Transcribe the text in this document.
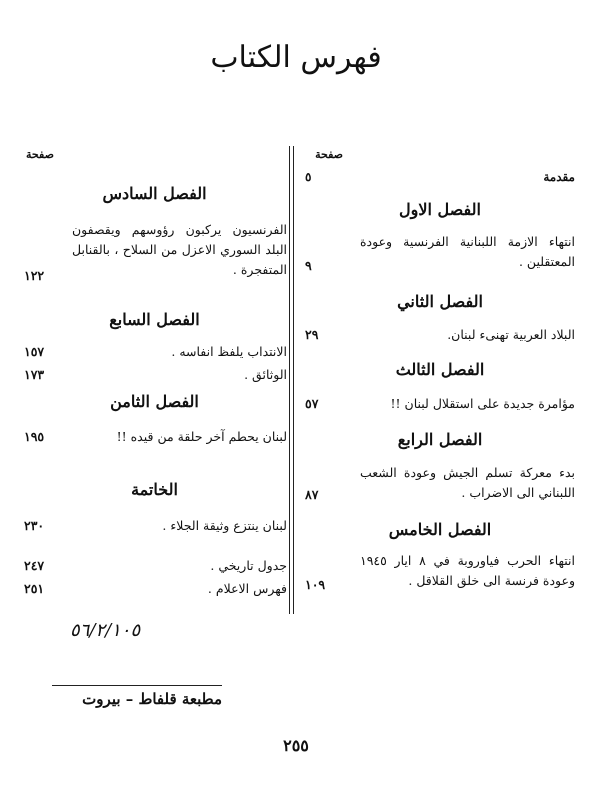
فهرس الكتاب
صفحة
مقدمة
٥
الفصل الاول
انتهاء الازمة اللبنانية الفرنسية وعودة المعتقلين .
٩
الفصل الثاني
البلاد العربية تهنىء لبنان.
٢٩
الفصل الثالث
مؤامرة جديدة على استقلال لبنان !!
٥٧
الفصل الرابع
بدء معركة تسلم الجيش وعودة الشعب اللبناني الى الاضراب .
٨٧
الفصل الخامس
انتهاء الحرب فياوروبة في ٨ ايار ١٩٤٥ وعودة فرنسة الى خلق القلاقل .
١٠٩
صفحة
الفصل السادس
الفرنسيون يركبون رؤوسهم ويقصفون البلد السوري الاعزل من السلاح ، بالقنابل المتفجرة .
١٢٢
الفصل السابع
الانتداب يلفظ انفاسه .
١٥٧
الوثائق .
١٧٣
الفصل الثامن
لبنان يحطم آخر حلقة من قيده !!
١٩٥
الخاتمة
لبنان ينتزع وثيقة الجلاء .
٢٣٠
جدول تاريخي .
٢٤٧
فهرس الاعلام .
٢٥١
٥٦/٢/١٠٥
مطبعة قلفاط – بيروت
٢٥٥
